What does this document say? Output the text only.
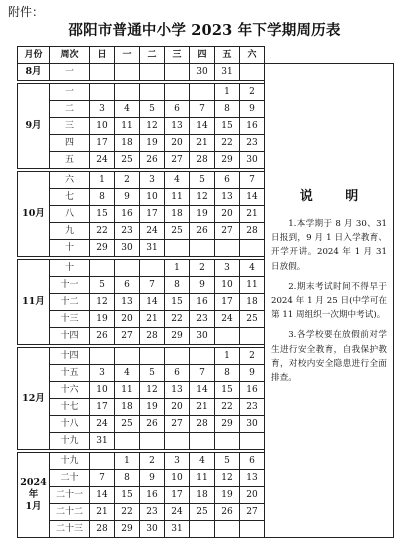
附件：
邵阳市普通中小学 2023 年下学期周历表
月份	周次	日	一	二	三	四	五	六	
8月	一					30	31		说 明

1.本学期于 8 月 30、31 日报到，9 月 1 日入学教育、开学开讲。2024 年 1 月 31 日放假。

2.期末考试时间不得早于 2024 年 1 月 25 日(中学可在第 11 周组织一次期中考试)。

3.各学校要在放假前对学生进行安全教育，自我保护教育，对校内安全隐患进行全面排查。

9月	一						1	2	
	二	3	4	5	6	7	8	9	
	三	10	11	12	13	14	15	16	
	四	17	18	19	20	21	22	23	
	五	24	25	26	27	28	29	30	

10月	六	1	2	3	4	5	6	7	
	七	8	9	10	11	12	13	14	
	八	15	16	17	18	19	20	21	
	九	22	23	24	25	26	27	28	
	十	29	30	31					

11月	十				1	2	3	4	
	十一	5	6	7	8	9	10	11	
	十二	12	13	14	15	16	17	18	
	十三	19	20	21	22	23	24	25	
	十四	26	27	28	29	30			

12月	十四						1	2	
	十五	3	4	5	6	7	8	9	
	十六	10	11	12	13	14	15	16	
	十七	17	18	19	20	21	22	23	
	十八	24	25	26	27	28	29	30	
	十九	31							

2024
年
1月	十九		1	2	3	4	5	6	
	二十	7	8	9	10	11	12	13	
	二十一	14	15	16	17	18	19	20	
	二十二	21	22	23	24	25	26	27	
	二十三	28	29	30	31				
